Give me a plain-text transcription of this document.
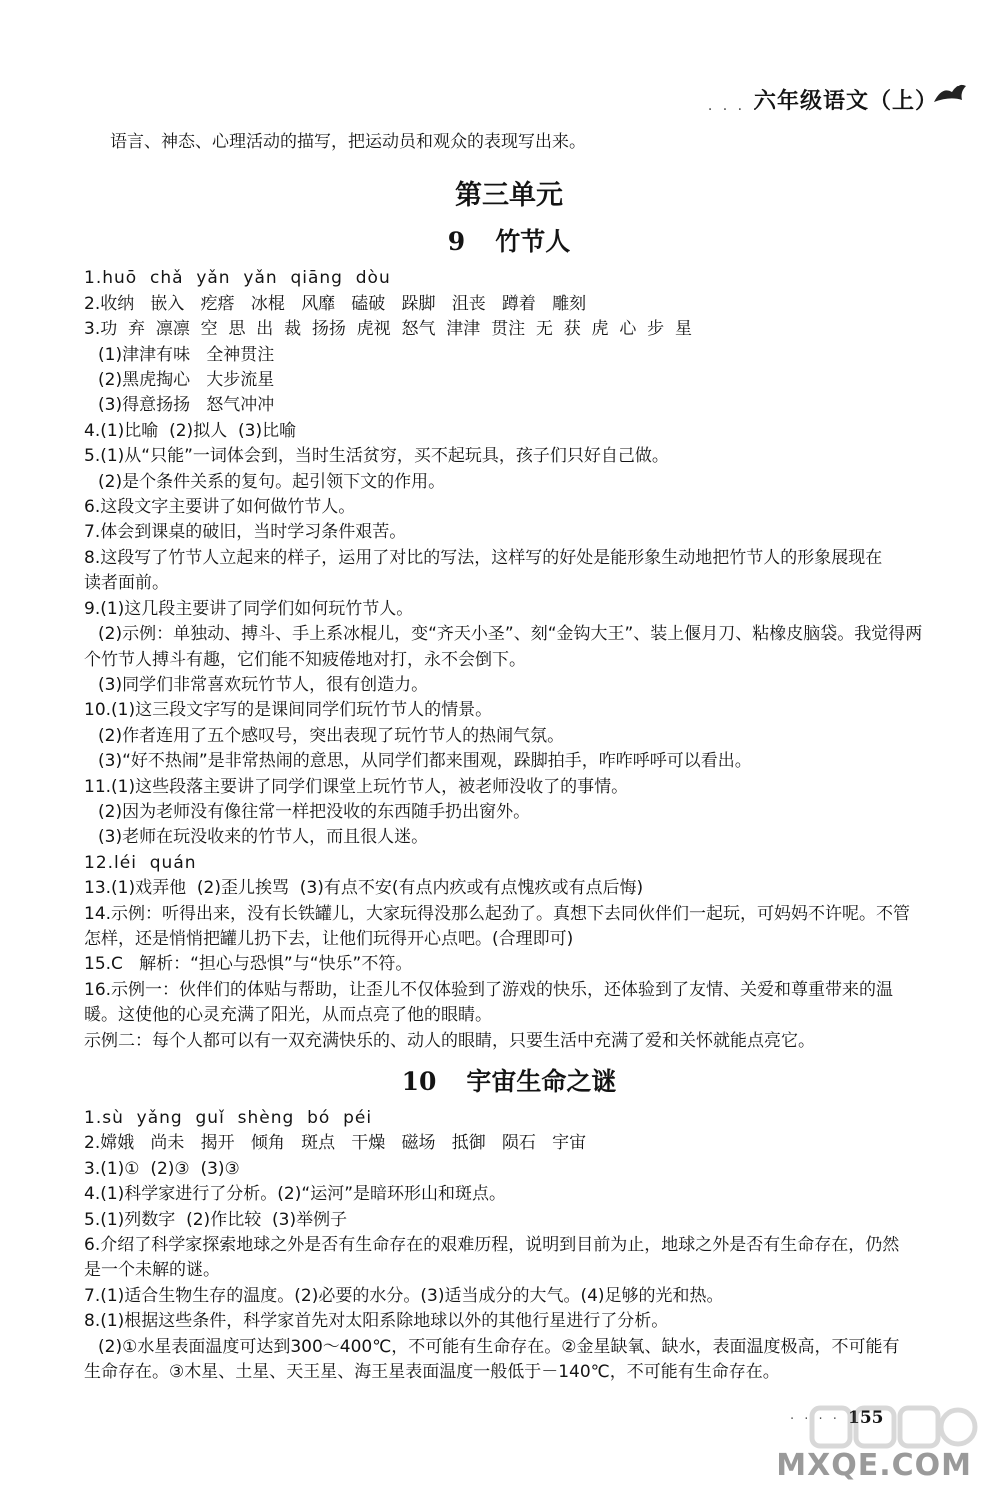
· · · ·
六年级语文（上）

语言、神态、心理活动的描写，把运动员和观众的表现写出来。

第三单元
9 竹节人

1.huō  chǎ  yǎn  yǎn  qiāng  dòu

2.收纳   嵌入   疙瘩   冰棍   风靡   磕破   跺脚   沮丧   蹲着   雕刻

3.功  弃  凛凛  空  思  出  裁  扬扬  虎视  怒气  津津  贯注  无  获  虎  心  步  星

(1)津津有味   全神贯注

(2)黑虎掏心   大步流星

(3)得意扬扬   怒气冲冲

4.(1)比喻  (2)拟人  (3)比喻

5.(1)从“只能”一词体会到，当时生活贫穷，买不起玩具，孩子们只好自己做。

(2)是个条件关系的复句。起引领下文的作用。

6.这段文字主要讲了如何做竹节人。

7.体会到课桌的破旧，当时学习条件艰苦。

8.这段写了竹节人立起来的样子，运用了对比的写法，这样写的好处是能形象生动地把竹节人的形象展现在

读者面前。

9.(1)这几段主要讲了同学们如何玩竹节人。

(2)示例：单独动、搏斗、手上系冰棍儿，变“齐天小圣”、刻“金钩大王”、装上偃月刀、粘橡皮脑袋。我觉得两

个竹节人搏斗有趣，它们能不知疲倦地对打，永不会倒下。

(3)同学们非常喜欢玩竹节人，很有创造力。

10.(1)这三段文字写的是课间同学们玩竹节人的情景。

(2)作者连用了五个感叹号，突出表现了玩竹节人的热闹气氛。

(3)“好不热闹”是非常热闹的意思，从同学们都来围观，跺脚拍手，咋咋呼呼可以看出。

11.(1)这些段落主要讲了同学们课堂上玩竹节人，被老师没收了的事情。

(2)因为老师没有像往常一样把没收的东西随手扔出窗外。

(3)老师在玩没收来的竹节人，而且很人迷。

12.léi  quán

13.(1)戏弄他  (2)歪儿挨骂  (3)有点不安(有点内疚或有点愧疚或有点后悔)

14.示例：听得出来，没有长铁罐儿，大家玩得没那么起劲了。真想下去同伙伴们一起玩，可妈妈不许呢。不管

怎样，还是悄悄把罐儿扔下去，让他们玩得开心点吧。(合理即可)

15.C   解析：“担心与恐惧”与“快乐”不符。

16.示例一：伙伴们的体贴与帮助，让歪儿不仅体验到了游戏的快乐，还体验到了友情、关爱和尊重带来的温

暖。这使他的心灵充满了阳光，从而点亮了他的眼睛。

示例二：每个人都可以有一双充满快乐的、动人的眼睛，只要生活中充满了爱和关怀就能点亮它。

10 宇宙生命之谜

1.sù  yǎng  guǐ  shèng  bó  péi

2.嫦娥   尚未   揭开   倾角   斑点   干燥   磁场   抵御   陨石   宇宙

3.(1)①  (2)③  (3)③

4.(1)科学家进行了分析。(2)“运河”是暗环形山和斑点。

5.(1)列数字  (2)作比较  (3)举例子

6.介绍了科学家探索地球之外是否有生命存在的艰难历程，说明到目前为止，地球之外是否有生命存在，仍然

是一个未解的谜。

7.(1)适合生物生存的温度。(2)必要的水分。(3)适当成分的大气。(4)足够的光和热。

8.(1)根据这些条件，科学家首先对太阳系除地球以外的其他行星进行了分析。

(2)①水星表面温度可达到300～400℃，不可能有生命存在。②金星缺氧、缺水，表面温度极高，不可能有

生命存在。③木星、土星、天王星、海王星表面温度一般低于－140℃，不可能有生命存在。

· · · · 155
MXQE.COM
